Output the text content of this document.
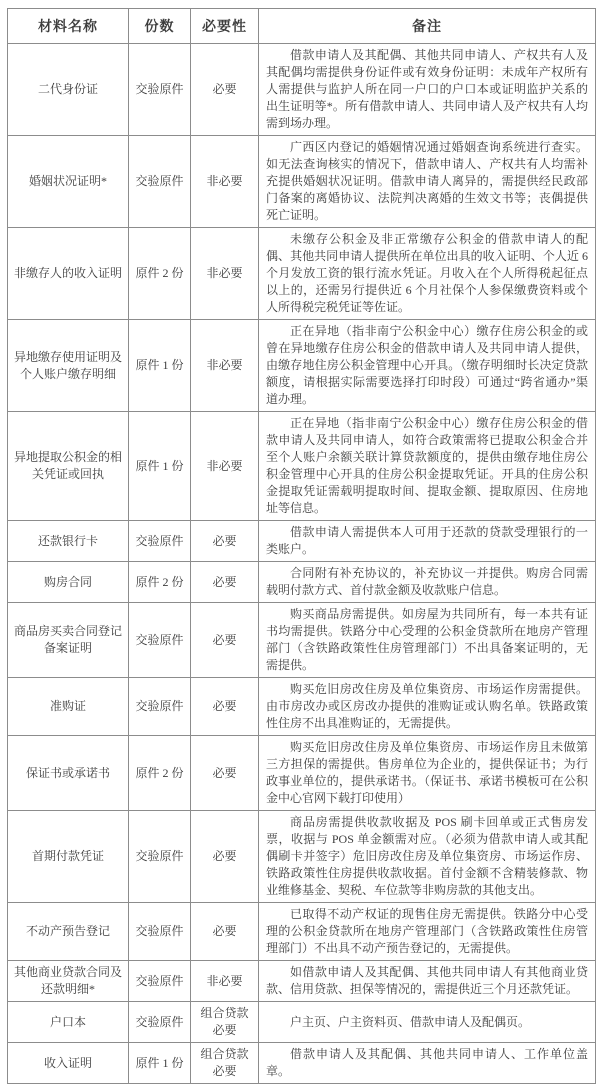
材料名称	份数	必要性	备注
二代身份证	交验原件	必要	借款申请人及其配偶、其他共同申请人、产权共有人及其配偶均需提供身份证件或有效身份证明：未成年产权所有人需提供与监护人所在同一户口的户口本或证明监护关系的出生证明等*。所有借款申请人、共同申请人及产权共有人均需到场办理。
婚姻状况证明*	交验原件	非必要	广西区内登记的婚姻情况通过婚姻查询系统进行查实。如无法查询核实的情况下，借款申请人、产权共有人均需补充提供婚姻状况证明。借款申请人离异的，需提供经民政部门备案的离婚协议、法院判决离婚的生效文书等；丧偶提供死亡证明。
非缴存人的收入证明	原件 2 份	非必要	未缴存公积金及非正常缴存公积金的借款申请人的配偶、其他共同申请人提供所在单位出具的收入证明、个人近 6 个月发放工资的银行流水凭证。月收入在个人所得税起征点以上的，还需另行提供近 6 个月社保个人参保缴费资料或个人所得税完税凭证等佐证。
异地缴存使用证明及个人账户缴存明细	原件 1 份	非必要	正在异地（指非南宁公积金中心）缴存住房公积金的或曾在异地缴存住房公积金的借款申请人及共同申请人提供，由缴存地住房公积金管理中心开具。（缴存明细时长决定贷款额度，请根据实际需要选择打印时段）可通过“跨省通办”渠道办理。
异地提取公积金的相关凭证或回执	原件 1 份	非必要	正在异地（指非南宁公积金中心）缴存住房公积金的借款申请人及共同申请人，如符合政策需将已提取公积金合并至个人账户余额关联计算贷款额度的，提供由缴存地住房公积金管理中心开具的住房公积金提取凭证。开具的住房公积金提取凭证需载明提取时间、提取金额、提取原因、住房地址等信息。
还款银行卡	交验原件	必要	借款申请人需提供本人可用于还款的贷款受理银行的一类账户。
购房合同	原件 2 份	必要	合同附有补充协议的，补充协议一并提供。购房合同需载明付款方式、首付款金额及收款账户信息。
商品房买卖合同登记备案证明	交验原件	必要	购买商品房需提供。如房屋为共同所有，每一本共有证书均需提供。铁路分中心受理的公积金贷款所在地房产管理部门（含铁路政策性住房管理部门）不出具备案证明的，无需提供。
准购证	交验原件	必要	购买危旧房改住房及单位集资房、市场运作房需提供。由市房改办或区房改办提供的准购证或认购名单。铁路政策性住房不出具准购证的，无需提供。
保证书或承诺书	原件 2 份	必要	购买危旧房改住房及单位集资房、市场运作房且未做第三方担保的需提供。售房单位为企业的，提供保证书；为行政事业单位的，提供承诺书。（保证书、承诺书模板可在公积金中心官网下载打印使用）
首期付款凭证	交验原件	必要	商品房需提供收款收据及 POS 刷卡回单或正式售房发票，收据与 POS 单金额需对应。（必须为借款申请人或其配偶刷卡并签字）危旧房改住房及单位集资房、市场运作房、铁路政策性住房提供收款收据。首付金额不含精装修款、物业维修基金、契税、车位款等非购房款的其他支出。
不动产预告登记	交验原件	必要	已取得不动产权证的现售住房无需提供。铁路分中心受理的公积金贷款所在地房产管理部门（含铁路政策性住房管理部门）不出具不动产预告登记的，无需提供。
其他商业贷款合同及还款明细*	交验原件	非必要	如借款申请人及其配偶、其他共同申请人有其他商业贷款、信用贷款、担保等情况的，需提供近三个月还款凭证。
户口本	交验原件	组合贷款必要	户主页、户主资料页、借款申请人及配偶页。
收入证明	原件 1 份	组合贷款必要	借款申请人及其配偶、其他共同申请人、工作单位盖章。
